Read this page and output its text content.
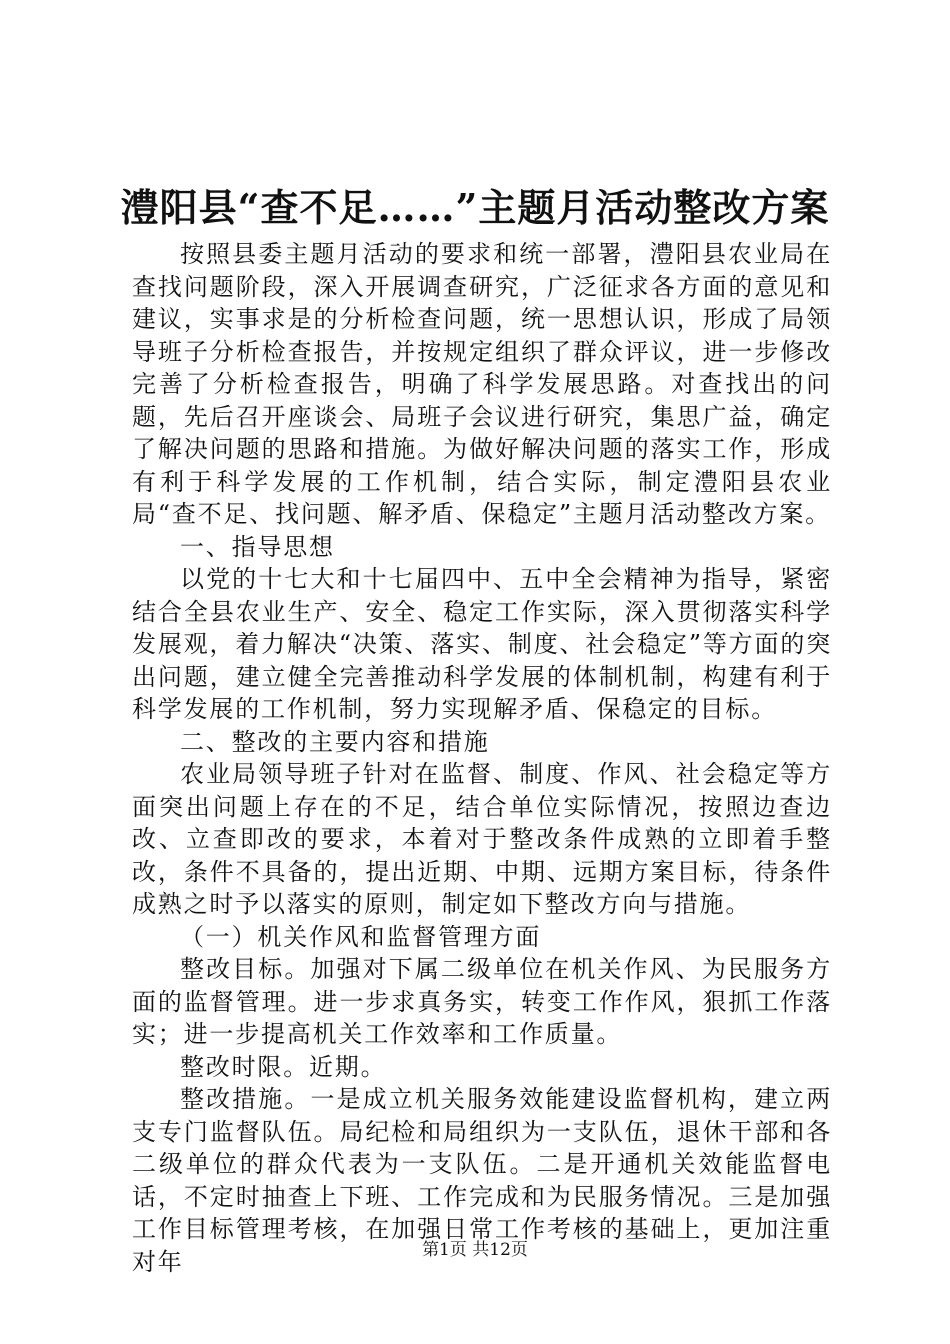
澧阳县“查不足……”主题月活动整改方案

按照县委主题月活动的要求和统一部署，澧阳县农业局在查找问题阶段，深入开展调查研究，广泛征求各方面的意见和建议，实事求是的分析检查问题，统一思想认识，形成了局领导班子分析检查报告，并按规定组织了群众评议，进一步修改完善了分析检查报告，明确了科学发展思路。对查找出的问题，先后召开座谈会、局班子会议进行研究，集思广益，确定了解决问题的思路和措施。为做好解决问题的落实工作，形成有利于科学发展的工作机制，结合实际，制定澧阳县农业局“查不足、找问题、解矛盾、保稳定”主题月活动整改方案。

一、指导思想

以党的十七大和十七届四中、五中全会精神为指导，紧密结合全县农业生产、安全、稳定工作实际，深入贯彻落实科学发展观，着力解决“决策、落实、制度、社会稳定”等方面的突出问题，建立健全完善推动科学发展的体制机制，构建有利于科学发展的工作机制，努力实现解矛盾、保稳定的目标。

二、整改的主要内容和措施

农业局领导班子针对在监督、制度、作风、社会稳定等方面突出问题上存在的不足，结合单位实际情况，按照边查边改、立查即改的要求，本着对于整改条件成熟的立即着手整改，条件不具备的，提出近期、中期、远期方案目标，待条件成熟之时予以落实的原则，制定如下整改方向与措施。

（一）机关作风和监督管理方面

整改目标。加强对下属二级单位在机关作风、为民服务方面的监督管理。进一步求真务实，转变工作作风，狠抓工作落实；进一步提高机关工作效率和工作质量。

整改时限。近期。

整改措施。一是成立机关服务效能建设监督机构，建立两支专门监督队伍。局纪检和局组织为一支队伍，退休干部和各二级单位的群众代表为一支队伍。二是开通机关效能监督电话，不定时抽查上下班、工作完成和为民服务情况。三是加强工作目标管理考核，在加强日常工作考核的基础上，更加注重对年	第1页 共12页
